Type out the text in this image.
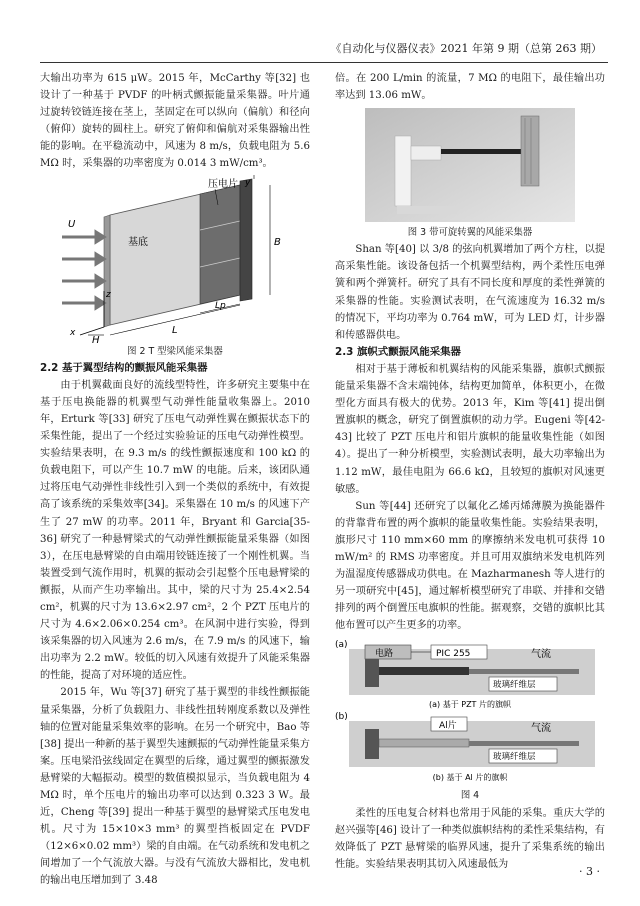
《自动化与仪器仪表》2021 年第 9 期（总第 263 期）

大输出功率为 615 μW。2015 年，McCarthy 等[32] 也设计了一种基于 PVDF 的叶柄式颤振能量采集器。叶片通过旋转铰链连接在茎上，茎固定在可以纵向（偏航）和径向（俯仰）旋转的圆柱上。研究了俯仰和偏航对采集器输出性能的影响。在平稳流动中，风速为 8 m/s，负载电阻为 5.6 MΩ 时，采集器的功率密度为 0.014 3 mW/cm³。

基底
压电片
U
y
z
x
B
H
L
Lp

图 2 T 型梁风能采集器

2.2 基于翼型结构的颤振风能采集器

由于机翼截面良好的流线型特性，许多研究主要集中在基于压电换能器的机翼型气动弹性能量收集器上。2010 年，Erturk 等[33] 研究了压电气动弹性翼在颤振状态下的采集性能，提出了一个经过实验验证的压电气动弹性模型。实验结果表明，在 9.3 m/s 的线性颤振速度和 100 kΩ 的负载电阻下，可以产生 10.7 mW 的电能。后来，该团队通过将压电气动弹性非线性引入到一个类似的系统中，有效提高了该系统的采集效率[34]。采集器在 10 m/s 的风速下产生了 27 mW 的功率。2011 年，Bryant 和 Garcia[35-36] 研究了一种悬臂梁式的气动弹性颤振能量采集器（如图 3），在压电悬臂梁的自由端用铰链连接了一个刚性机翼。当装置受到气流作用时，机翼的振动会引起整个压电悬臂梁的颤振，从而产生功率输出。其中，梁的尺寸为 25.4×2.54 cm²，机翼的尺寸为 13.6×2.97 cm²，2 个 PZT 压电片的尺寸为 4.6×2.06×0.254 cm³。在风洞中进行实验，得到该采集器的切入风速为 2.6 m/s，在 7.9 m/s 的风速下，输出功率为 2.2 mW。较低的切入风速有效提升了风能采集器的性能，提高了对环境的适应性。

2015 年，Wu 等[37] 研究了基于翼型的非线性颤振能量采集器，分析了负载阻力、非线性扭转刚度系数以及弹性轴的位置对能量采集效率的影响。在另一个研究中，Bao 等[38] 提出一种新的基于翼型失速颤振的气动弹性能量采集方案。压电梁沿弦线固定在翼型的后缘，通过翼型的颤振激发悬臂梁的大幅振动。模型的数值模拟显示，当负载电阻为 4 MΩ 时，单个压电片的输出功率可以达到 0.323 3 W。最近，Cheng 等[39] 提出一种基于翼型的悬臂梁式压电发电机。尺寸为 15×10×3 mm³ 的翼型挡板固定在 PVDF（12×6×0.02 mm³）梁的自由端。在气动系统和发电机之间增加了一个气流放大器。与没有气流放大器相比，发电机的输出电压增加到了 3.48

倍。在 200 L/min 的流量，7 MΩ 的电阻下，最佳输出功率达到 13.06 mW。

图 3 带可旋转翼的风能采集器

Shan 等[40] 以 3/8 的弦向机翼增加了两个方柱，以提高采集性能。该设备包括一个机翼型结构，两个柔性压电弹簧和两个弹簧杆。研究了具有不同长度和厚度的柔性弹簧的采集器的性能。实验测试表明，在气流速度为 16.32 m/s 的情况下，平均功率为 0.764 mW，可为 LED 灯，计步器和传感器供电。

2.3 旗帜式颤振风能采集器

相对于基于薄板和机翼结构的风能采集器，旗帜式颤振能量采集器不含末端钝体，结构更加简单，体积更小，在微型化方面具有极大的优势。2013 年，Kim 等[41] 提出倒置旗帜的概念，研究了倒置旗帜的动力学。Eugeni 等[42-43] 比较了 PZT 压电片和铝片旗帜的能量收集性能（如图 4）。提出了一种分析模型，实验测试表明，最大功率输出为 1.12 mW，最佳电阻为 66.6 kΩ，且较短的旗帜对风速更敏感。

Sun 等[44] 还研究了以氟化乙烯丙烯薄膜为换能器件的背靠背布置的两个旗帜的能量收集性能。实验结果表明，旗形尺寸 110 mm×60 mm 的摩擦纳米发电机可获得 10 mW/m² 的 RMS 功率密度。并且可用双旗纳米发电机阵列为温湿度传感器成功供电。在 Mazharmanesh 等人进行的另一项研究中[45]，通过解析模型研究了串联、并排和交错排列的两个倒置压电旗帜的性能。据观察，交错的旗帜比其他布置可以产生更多的功率。

(a)
电路	PIC 255	气流
玻璃纤维层
(a) 基于 PZT 片的旗帜
(b)
Al片	气流
玻璃纤维层
(b) 基于 Al 片的旗帜

图 4

柔性的压电复合材料也常用于风能的采集。重庆大学的赵兴强等[46] 设计了一种类似旗帜结构的柔性采集结构，有效降低了 PZT 悬臂梁的临界风速，提升了采集系统的输出性能。实验结果表明其切入风速最低为

· 3 ·
